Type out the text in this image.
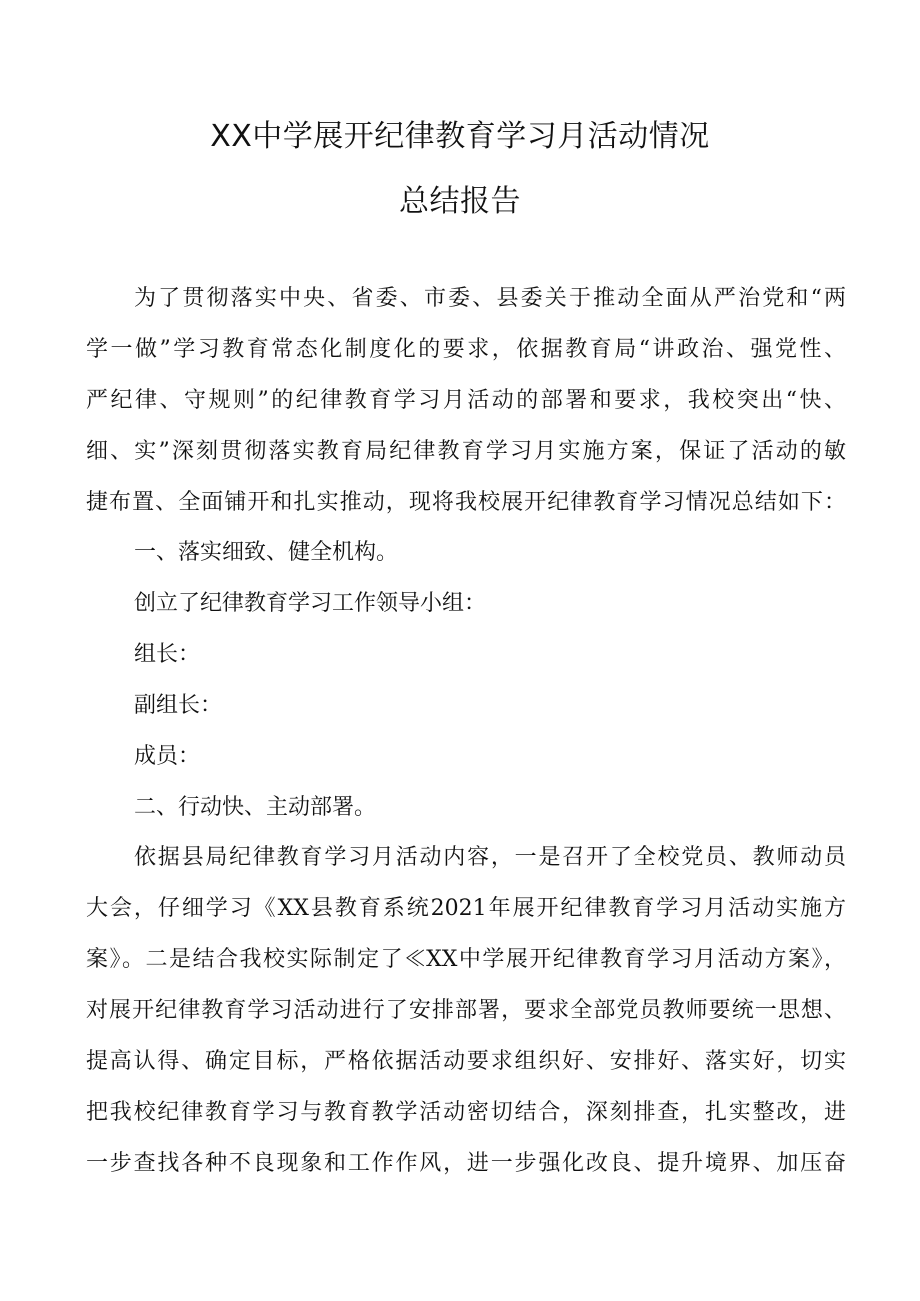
XX中学展开纪律教育学习月活动情况
总结报告

为了贯彻落实中央、省委、市委、县委关于推动全面从严治党和“两

学一做”学习教育常态化制度化的要求，依据教育局“讲政治、强党性、

严纪律、守规则”的纪律教育学习月活动的部署和要求，我校突出“快、

细、实”深刻贯彻落实教育局纪律教育学习月实施方案，保证了活动的敏

捷布置、全面铺开和扎实推动，现将我校展开纪律教育学习情况总结如下：

一、落实细致、健全机构。

创立了纪律教育学习工作领导小组：

组长：

副组长：

成员：

二、行动快、主动部署。

依据县局纪律教育学习月活动内容，一是召开了全校党员、教师动员

大会，仔细学习《XX县教育系统2021年展开纪律教育学习月活动实施方

案》。二是结合我校实际制定了≪XX中学展开纪律教育学习月活动方案》，

对展开纪律教育学习活动进行了安排部署，要求全部党员教师要统一思想、

提高认得、确定目标，严格依据活动要求组织好、安排好、落实好，切实

把我校纪律教育学习与教育教学活动密切结合，深刻排查，扎实整改，进

一步查找各种不良现象和工作作风，进一步强化改良、提升境界、加压奋
